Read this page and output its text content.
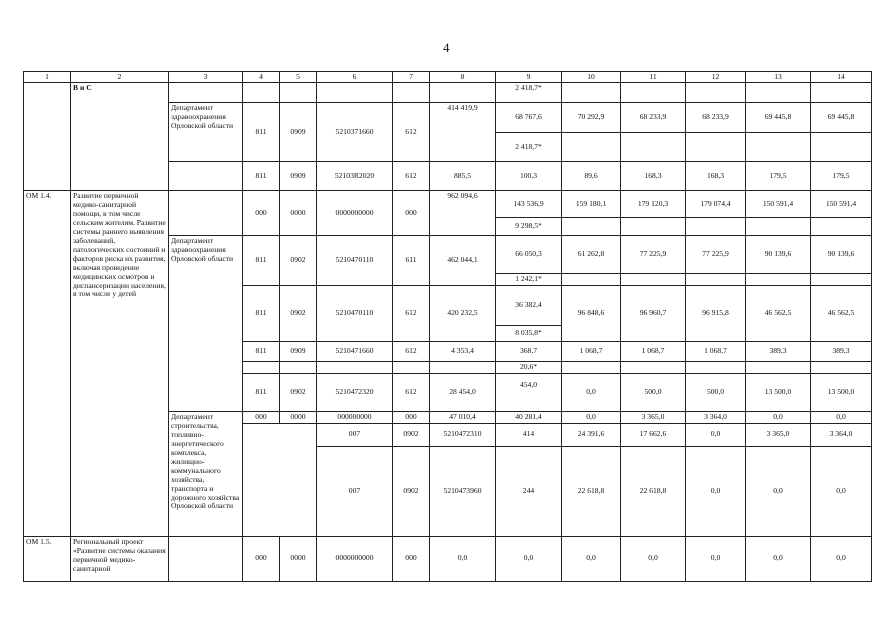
4
1	2	3	4	5	6	7	8	9	10	11	12	13	14	
	В и С							2 418,7*						
		Департамент здравоохранения Орловской области	811	0909	5210371660	612	414 419,9	68 767,6	70 292,9	68 233,9	68 233,9	69 445,8	69 445,8	
								2 418,7*						
			811	0909	52103R2020	612	885,5	100,3	89,6	168,3	168,3	179,5	179,5	
ОМ 1.4.	Развитие первичной медико-санитарной помощи, в том числе сельским жителям. Развитие системы раннего выявления заболеваний, патологических состояний и факторов риска их развития, включая проведение медицинских осмотров и диспансеризации населения, в том числе у детей		000	0000	0000000000	000	962 094,6	143 536,9	159 180,1	179 120,3	179 074,4	150 591,4	150 591,4	
								9 298,5*						
		Департамент здравоохранения Орловской области	811	0902	5210470110	611	462 044,1	66 050,3	61 262,8	77 225,9	77 225,9	90 139,6	90 139,6	
								1 242,1*						
			811	0902	5210470110	612	420 232,5	36 382,4	96 848,6	96 960,7	96 915,8	46 562,5	46 562,5	
								8 035,8*						
			811	0909	5210471660	612	4 353,4	368,7	1 068,7	1 068,7	1 068,7	389,3	389,3	
								20,6*						
			811	0902	5210472320	612	28 454,0	454,0	0,0	500,0	500,0	13 500,0	13 500,0	
		Департамент строительства, топливно-энергетического комплекса, жилищно-коммунального хозяйства, транспорта и дорожного хозяйства Орловской области	000	0000	000000000	000	47 010,4	40 281,4	0,0	3 365,0	3 364,0	0,0	0,0	
					007	0902	5210472310	414	24 391,6	17 662,6	0,0	3 365,0	3 364,0		
					007	0902	5210473960	244	22 618,8	22 618,8	0,0	0,0	0,0		
ОМ 1.5.	Региональный проект «Развитие системы оказания первичной медико-санитарной		000	0000	0000000000	000	0,0	0,0	0,0	0,0	0,0	0,0	0,0	
